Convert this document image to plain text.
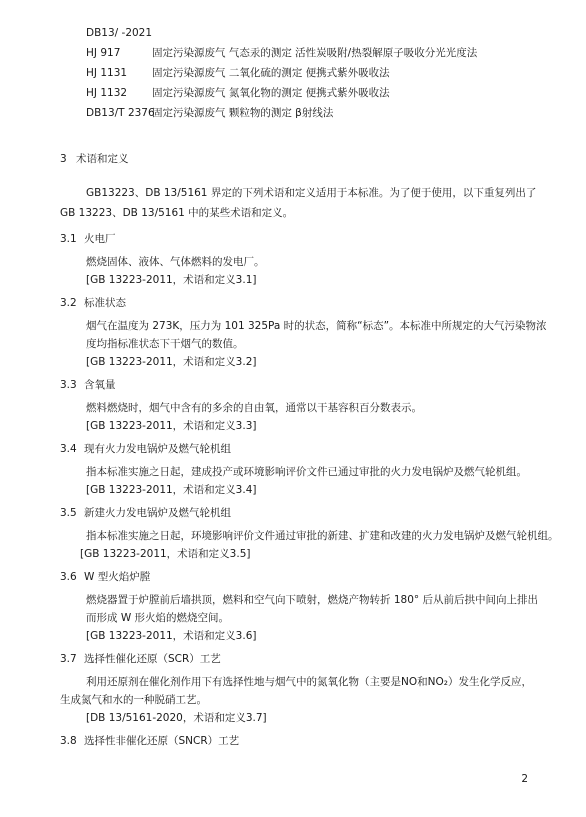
DB13/ -2021
HJ 917	固定污染源废气 气态汞的测定 活性炭吸附/热裂解原子吸收分光光度法
HJ 1131 固定污染源废气 二氧化硫的测定 便携式紫外吸收法
HJ 1132 固定污染源废气 氮氧化物的测定 便携式紫外吸收法
DB13/T 2376
固定污染源废气 颗粒物的测定 β射线法
3 术语和定义
GB13223、DB 13/5161 界定的下列术语和定义适用于本标准。为了便于使用，以下重复列出了
GB 13223、DB 13/5161 中的某些术语和定义。
3.1 火电厂
燃烧固体、液体、气体燃料的发电厂。
[GB 13223-2011，术语和定义3.1]
3.2 标准状态
烟气在温度为 273K，压力为 101 325Pa 时的状态，简称“标态”。本标准中所规定的大气污染物浓
度均指标准状态下干烟气的数值。
[GB 13223-2011，术语和定义3.2]
3.3 含氧量
燃料燃烧时，烟气中含有的多余的自由氧，通常以干基容积百分数表示。
[GB 13223-2011，术语和定义3.3]
3.4 现有火力发电锅炉及燃气轮机组
指本标准实施之日起，建成投产或环境影响评价文件已通过审批的火力发电锅炉及燃气轮机组。
[GB 13223-2011，术语和定义3.4]
3.5 新建火力发电锅炉及燃气轮机组
指本标准实施之日起，环境影响评价文件通过审批的新建、扩建和改建的火力发电锅炉及燃气轮机组。
[GB 13223-2011，术语和定义3.5]
3.6 W 型火焰炉膛
燃烧器置于炉膛前后墙拱顶，燃料和空气向下喷射，燃烧产物转折 180° 后从前后拱中间向上排出
而形成 W 形火焰的燃烧空间。
[GB 13223-2011，术语和定义3.6]
3.7 选择性催化还原（SCR）工艺
利用还原剂在催化剂作用下有选择性地与烟气中的氮氧化物（主要是NO和NO₂）发生化学反应，
生成氮气和水的一种脱硝工艺。
[DB 13/5161-2020，术语和定义3.7]
3.8 选择性非催化还原（SNCR）工艺
2
